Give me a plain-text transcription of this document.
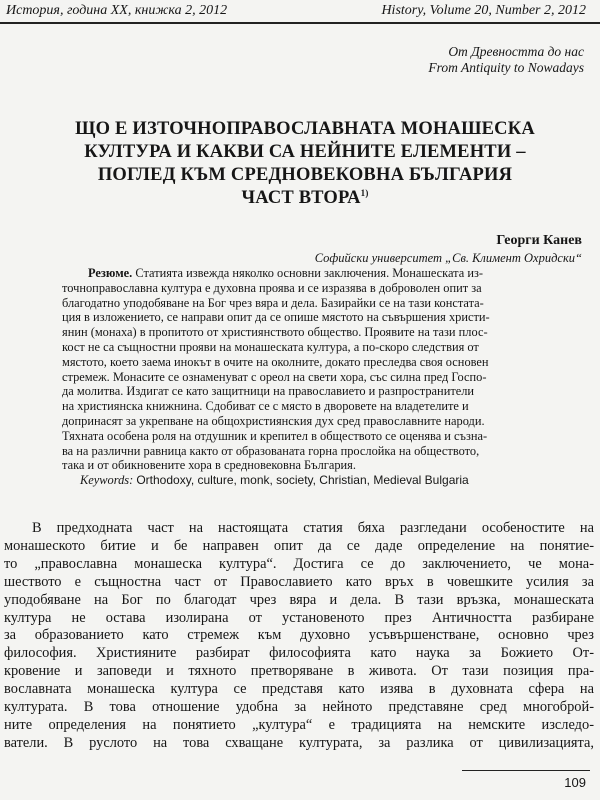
История, година XX, книжка 2, 2012	History, Volume 20, Number 2, 2012
От Древността до нас
From Antiquity to Nowadays
ЩО Е ИЗТОЧНОПРАВОСЛАВНАТА МОНАШЕСКА
КУЛТУРА И КАКВИ СА НЕЙНИТЕ ЕЛЕМЕНТИ –
ПОГЛЕД КЪМ СРЕДНОВЕКОВНА БЪЛГАРИЯ
ЧАСТ ВТОРА$^{1)}$
Георги Канев
Софийски университет „Св. Климент Охридски“
Резюме. Статията извежда няколко основни заключения. Монашеската из-
точноправославна култура е духовна проява и се изразява в доброволен опит за
благодатно уподобяване на Бог чрез вяра и дела. Базирайки се на тази констата-
ция в изложението, се направи опит да се опише мястото на съвършения христи-
янин (монаха) в пропитото от християнството общество. Проявите на тази плос-
кост не са същностни прояви на монашеската култура, а по-скоро следствия от
мястото, което заема инокът в очите на околните, докато преследва своя основен
стремеж. Монасите се ознаменуват с ореол на свети хора, със силна пред Госпо-
да молитва. Издигат се като защитници на православието и разпространители
на християнска книжнина. Сдобиват се с място в дворовете на владетелите и
допринасят за укрепване на общохристиянския дух сред православните народи.
Тяхната особена роля на отдушник и крепител в обществото се оценява и съзна-
ва на различни равница както от образованата горна прослойка на обществото,
така и от обикновените хора в средновековна България.
Keywords: Orthodoxy, culture, monk, society, Christian, Medieval Bulgaria
В предходната част на настоящата статия бяха разгледани особеностите на
монашеското битие и бе направен опит да се даде определение на понятие-
то „православна монашеска култура“. Достига се до заключението, че мона-
шеството е същностна част от Православието като връх в човешките усилия за
уподобяване на Бог по благодат чрез вяра и дела. В тази връзка, монашеската
култура не остава изолирана от установеното през Античността разбиране
за образованието като стремеж към духовно усъвършенстване, основно чрез
философия. Християните разбират философията като наука за Божието От-
кровение и заповеди и тяхното претворяване в живота. От тази позиция пра-
вославната монашеска култура се представя като изява в духовната сфера на
културата. В това отношение удобна за нейното представяне сред многоброй-
ните определения на понятието „култура“ е традицията на немските изследо-
ватели. В руслото на това схващане културата, за разлика от цивилизацията,
109
